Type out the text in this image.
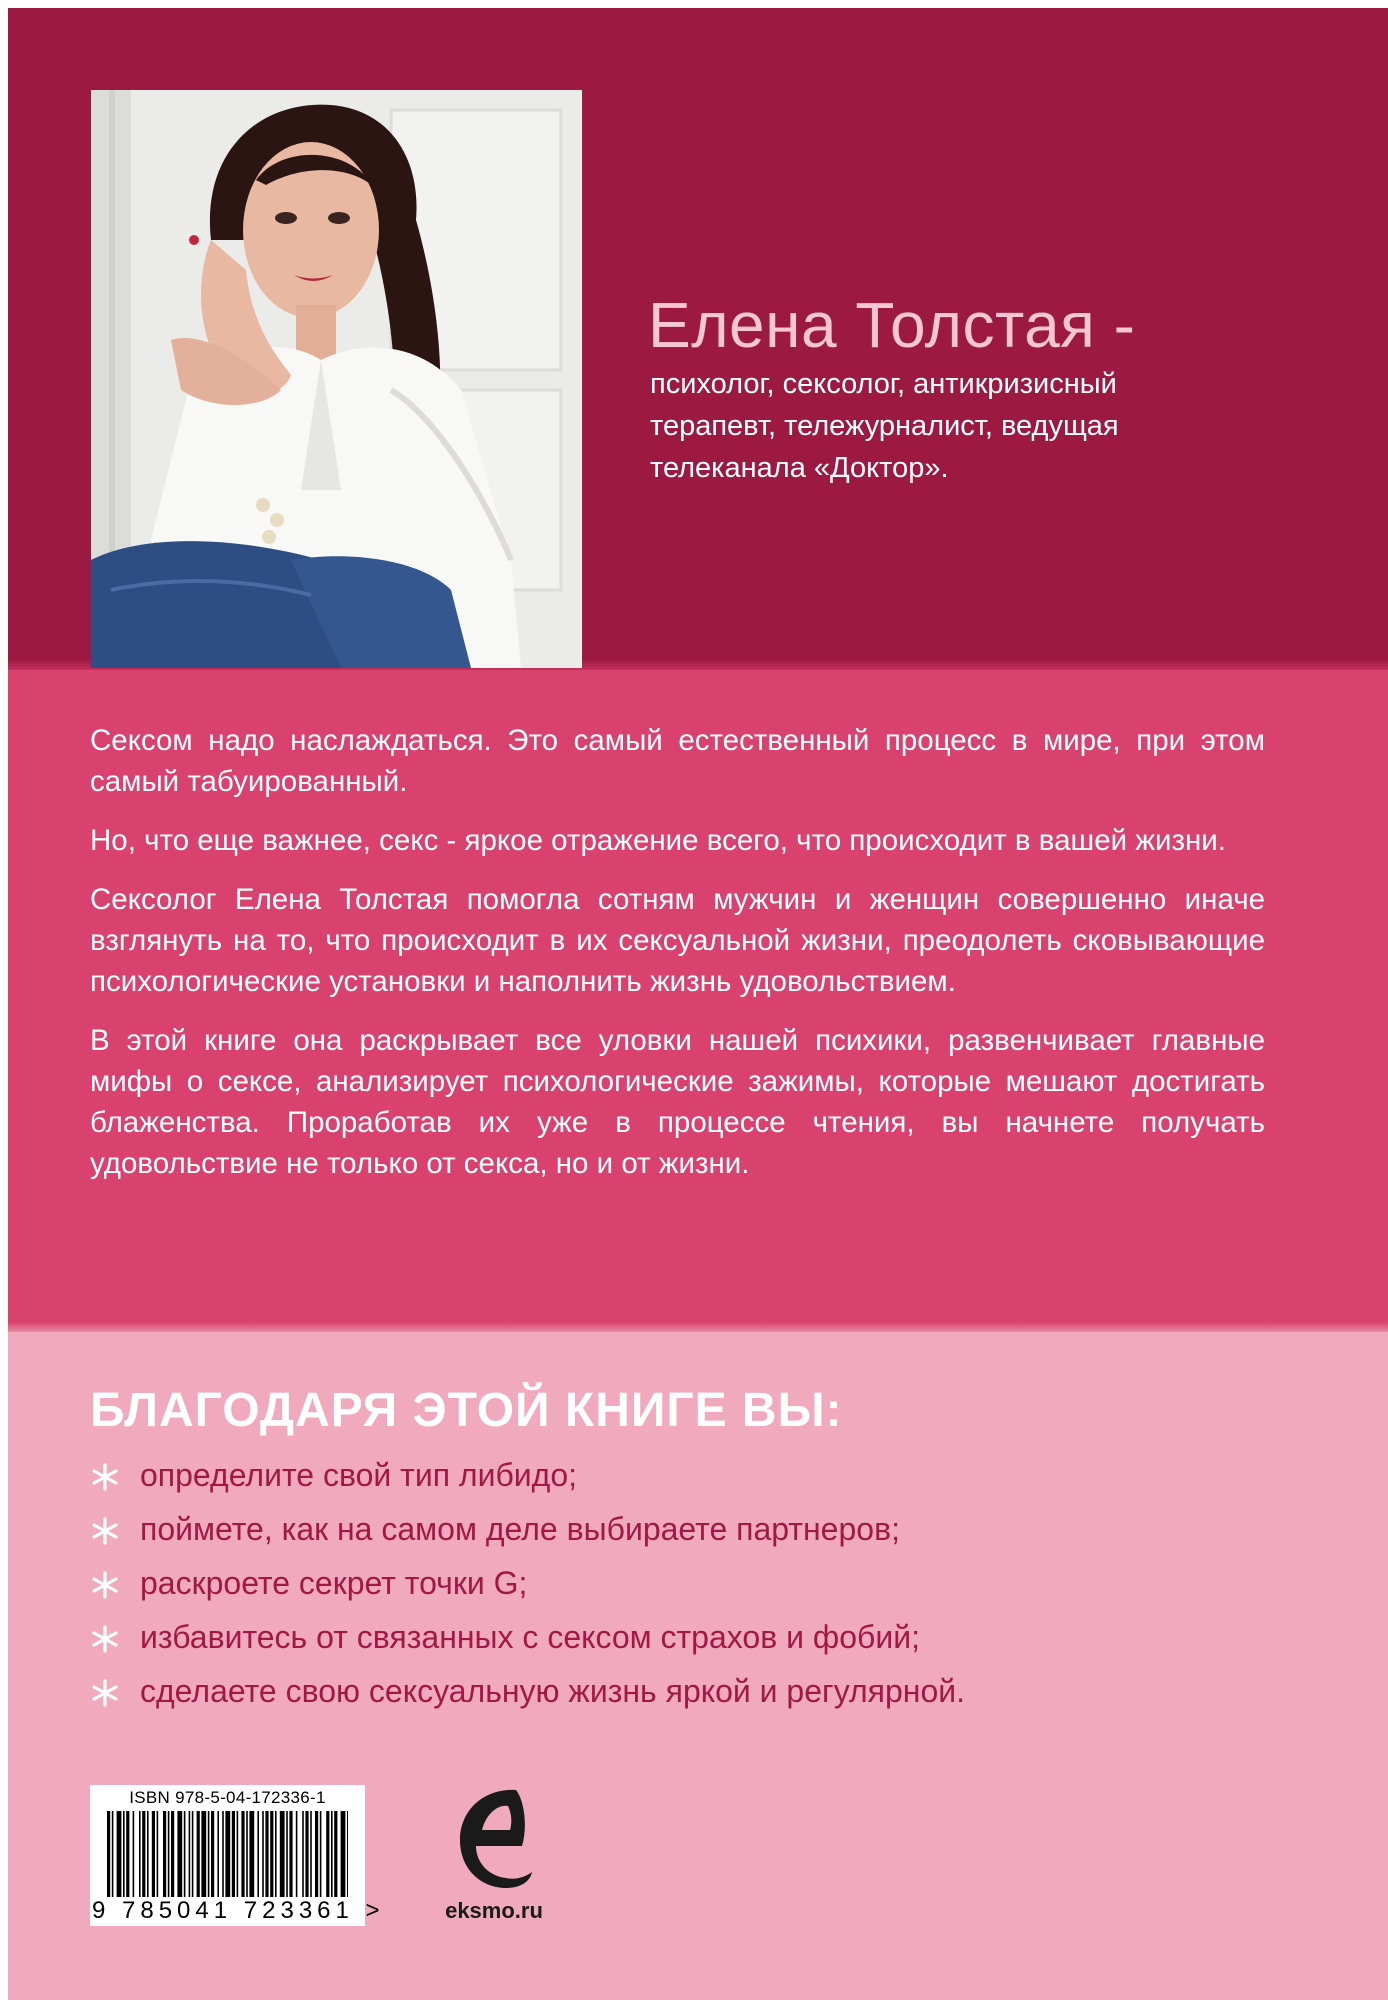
Елена Толстая -

психолог, сексолог, антикризисный терапевт, тележурналист, ведущая телеканала «Доктор».

Сексом надо наслаждаться. Это самый естественный процесс в мире, при этом самый табуированный.

Но, что еще важнее, секс - яркое отражение всего, что происходит в вашей жизни.

Сексолог Елена Толстая помогла сотням мужчин и женщин совершенно иначе взглянуть на то, что происходит в их сексуальной жизни, преодолеть сковывающие психологические установки и наполнить жизнь удовольствием.

В этой книге она раскрывает все уловки нашей психики, развенчивает главные мифы о сексе, анализирует психологические зажимы, которые мешают достигать блаженства. Проработав их уже в процессе чтения, вы начнете получать удовольствие не только от секса, но и от жизни.

БЛАГОДАРЯ ЭТОЙ КНИГЕ ВЫ:
определите свой тип либидо;
поймете, как на самом деле выбираете партнеров;
раскроете секрет точки G;
избавитесь от связанных с сексом страхов и фобий;
сделаете свою сексуальную жизнь яркой и регулярной.
ISBN 978-5-04-172336-1
9 785041 723361 >	eksmo.ru
